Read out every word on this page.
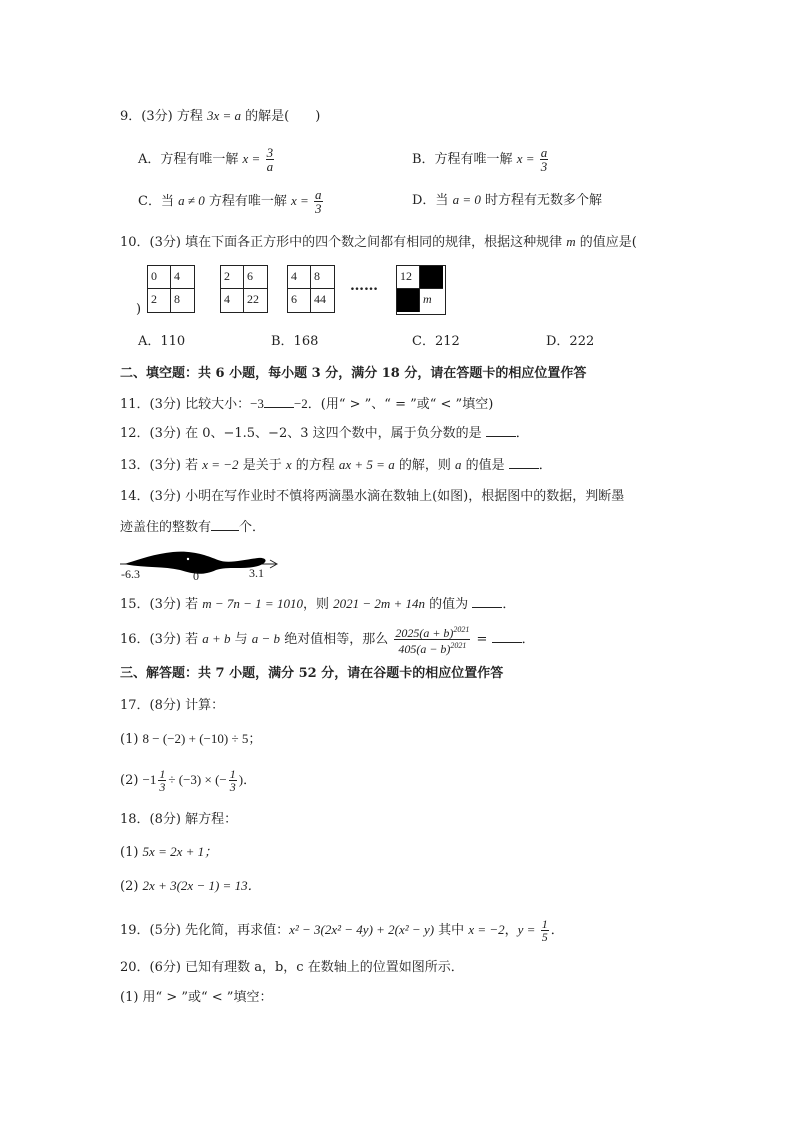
9．(3分) 方程 3x = a 的解是(　　)
A．方程有唯一解 $x = \frac{3}{a}$	B．方程有唯一解 $x = \frac{a}{3}$
C．当 a ≠ 0 方程有唯一解 $x = \frac{a}{3}$	D．当 a = 0 时方程有无数多个解
10．(3分) 填在下面各正方形中的四个数之间都有相同的规律，根据这种规律 m 的值应是(
)
0	4
2	8
2	6
4	22
4	8
6	44
……
12
m
A．110	B．168	C．212	D．222
二、填空题：共 6 小题，每小题 3 分，满分 18 分，请在答题卡的相应位置作答
11．(3分) 比较大小：−3 −2．(用“ > ”、“ = ”或“ < ”填空)
12．(3分) 在 0、−1.5、−2、3 这四个数中，属于负分数的是	．
13．(3分) 若 x = −2 是关于 x 的方程 ax + 5 = a 的解，则 a 的值是	．
14．(3分) 小明在写作业时不慎将两滴墨水滴在数轴上(如图)，根据图中的数据，判断墨
迹盖住的整数有 个．
-6.3	0	3.1
15．(3分) 若 m − 7n − 1 = 1010，则 2021 − 2m + 14n 的值为	．
16．(3分) 若 a + b 与 a − b 绝对值相等，那么 $\frac{2025(a + b)^{2021}}{405(a - b)^{2021}}$ = ．
三、解答题：共 7 小题，满分 52 分，请在谷题卡的相应位置作答
17．(8分) 计算：
(1) 8 − (−2) + (−10) ÷ 5；
$(2) -1 \frac{1}{3} \div (-3)$ × (− $\frac{1}{3}$ )．
18．(8分) 解方程：
(1) 5x = 2x + 1；
(2) 2x + 3(2x − 1) = 13．
19．(5分) 先化简，再求值：x² − 3(2x² − 4y) + 2(x² − y) 其中 x = −2，$y = \frac{1}{5}$ ．
20．(6分) 已知有理数 a，b，c 在数轴上的位置如图所示．
(1) 用“ > ”或“ < ”填空：
